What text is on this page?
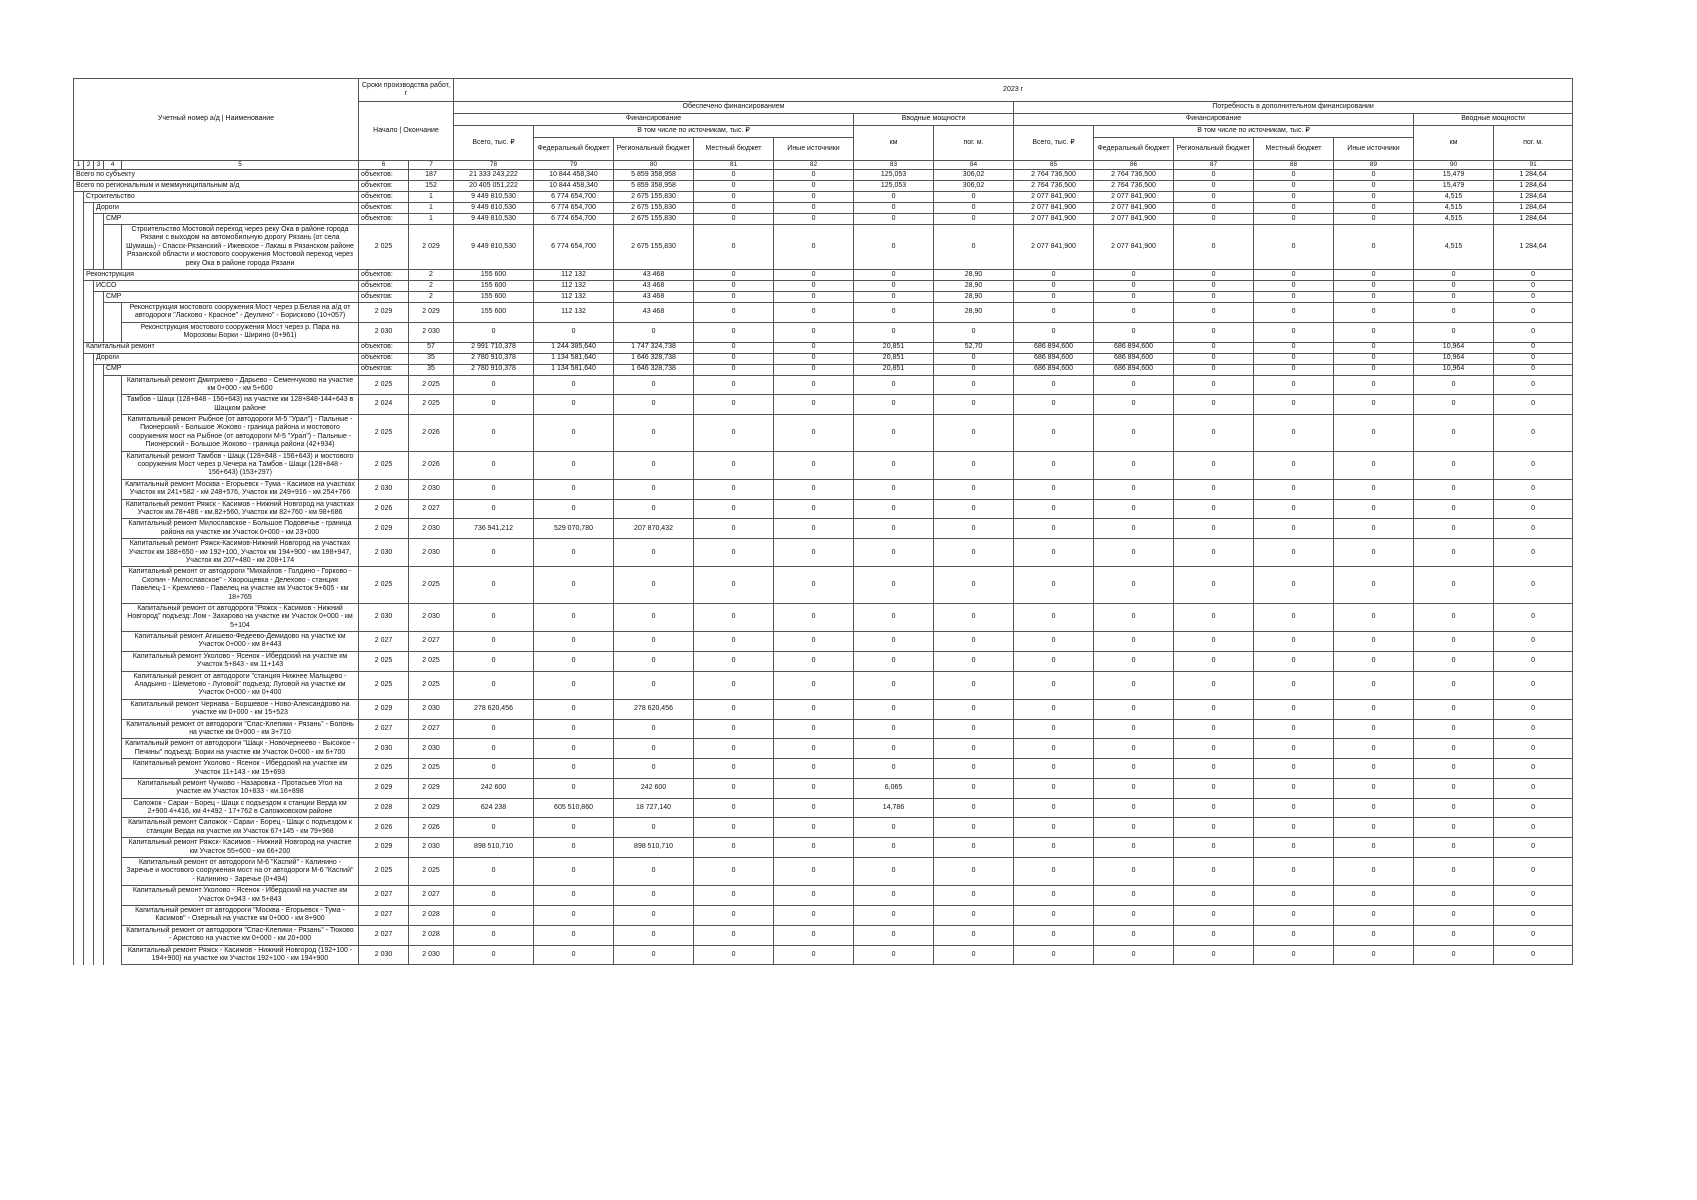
Учетный номер а/д | Наименование					Сроки производства работ, г		2023 г													
					Начало | Окончание		Обеспечено финансированием							Потребность в дополнительном финансировании						
							Финансирование					Вводные мощности		Финансирование					Вводные мощности	
							Всего, тыс. ₽	В том числе по источникам, тыс. ₽				км	пог. м.	Всего, тыс. ₽	В том числе по источникам, тыс. ₽				км	пог. м.
								Федеральный бюджет	Региональный бюджет	Местный бюджет	Иные источники				Федеральный бюджет	Региональный бюджет	Местный бюджет	Иные источники		
1	2	3	4	5	6	7	78	79	80	81	82	83	84	85	86	87	88	89	90	91
Всего по субъекту					объектов:	187	21 333 243,222	10 844 458,340	5 859 358,958	0	0	125,053	306,02	2 764 736,500	2 764 736,500	0	0	0	15,479	1 284,64
Всего по региональным и межмуниципальным а/д					объектов:	152	20 405 051,222	10 844 458,340	5 859 358,958	0	0	125,053	306,02	2 764 736,500	2 764 736,500	0	0	0	15,479	1 284,64
	Строительство				объектов:	1	9 449 810,530	6 774 654,700	2 675 155,830	0	0	0	0	2 077 841,900	2 077 841,900	0	0	0	4,515	1 284,64
		Дороги			объектов:	1	9 449 810,530	6 774 654,700	2 675 155,830	0	0	0	0	2 077 841,900	2 077 841,900	0	0	0	4,515	1 284,64
			СМР		объектов:	1	9 449 810,530	6 774 654,700	2 675 155,830	0	0	0	0	2 077 841,900	2 077 841,900	0	0	0	4,515	1 284,64
				Строительство Мостовой переход через реку Ока в районе города Рязани с выходом на автомобильную дорогу Рязань (от села Шумашь) - Спасск-Рязанский - Ижевское - Лакаш в Рязанском районе Рязанской области и мостового сооружения Мостовой переход через реку Ока в районе города Рязани	2 025	2 029	9 449 810,530	6 774 654,700	2 675 155,830	0	0	0	0	2 077 841,900	2 077 841,900	0	0	0	4,515	1 284,64
	Реконструкция				объектов:	2	155 600	112 132	43 468	0	0	0	28,90	0	0	0	0	0	0	0
		ИССО			объектов:	2	155 600	112 132	43 468	0	0	0	28,90	0	0	0	0	0	0	0
			СМР		объектов:	2	155 600	112 132	43 468	0	0	0	28,90	0	0	0	0	0	0	0
				Реконструкция мостового сооружения Мост через р.Белая на а/д от автодороги "Ласково - Красное" - Деулино" - Борисково (10+057)	2 029	2 029	155 600	112 132	43 468	0	0	0	28,90	0	0	0	0	0	0	0
				Реконструкция мостового сооружения Мост через р. Пара на Морозовы Борки - Ширино (0+961)	2 030	2 030	0	0	0	0	0	0	0	0	0	0	0	0	0	0
	Капитальный ремонт				объектов:	57	2 991 710,378	1 244 385,640	1 747 324,738	0	0	20,851	52,70	686 894,600	686 894,600	0	0	0	10,964	0
		Дороги			объектов:	35	2 780 910,378	1 134 581,640	1 646 328,738	0	0	20,851	0	686 894,600	686 894,600	0	0	0	10,964	0
			СМР		объектов:	35	2 780 910,378	1 134 581,640	1 646 328,738	0	0	20,851	0	686 894,600	686 894,600	0	0	0	10,964	0
				Капитальный ремонт Дмитриево - Дарьево - Семенчуково на участке км 0+000 - км 5+600	2 025	2 025	0	0	0	0	0	0	0	0	0	0	0	0	0	0
				Тамбов - Шацк (128+848 - 156+643) на участке км 128+848-144+643 в Шацком районе	2 024	2 025	0	0	0	0	0	0	0	0	0	0	0	0	0	0
				Капитальный ремонт Рыбное (от автодороги М-5 "Урал") - Пальные - Пионерский - Большое Жоково - граница района и мостового сооружения мост на Рыбное (от автодороги М-5 "Урал") - Пальные - Пионерский - Большое Жоково - граница района (42+934)	2 025	2 026	0	0	0	0	0	0	0	0	0	0	0	0	0	0
				Капитальный ремонт Тамбов - Шацк (128+848 - 156+643) и мостового сооружения Мост через р.Чечера на Тамбов - Шацк (128+848 - 156+643) (153+297)	2 025	2 026	0	0	0	0	0	0	0	0	0	0	0	0	0	0
				Капитальный ремонт Москва - Егорьевск - Тума - Касимов на участках Участок км 241+582 - км 248+576, Участок км 249+916 - км 254+766	2 030	2 030	0	0	0	0	0	0	0	0	0	0	0	0	0	0
				Капитальный ремонт Ряжск - Касимов - Нижний Новгород на участках Участок км.78+486 - км.82+560, Участок км 82+760 - км 98+686	2 026	2 027	0	0	0	0	0	0	0	0	0	0	0	0	0	0
				Капитальный ремонт Милославское - Большое Подовечье - граница района на участке км Участок 0+000 - км 23+000	2 029	2 030	736 941,212	529 070,780	207 870,432	0	0	0	0	0	0	0	0	0	0	0
				Капитальный ремонт Ряжск-Касимов-Нижний Новгород на участках Участок км 188+650 - км 192+100, Участок км 194+900 - км 198+947, Участок км 207+480 - км 208+174	2 030	2 030	0	0	0	0	0	0	0	0	0	0	0	0	0	0
				Капитальный ремонт от автодороги "Михайлов - Голдино - Горково - Скопин - Милославское" - Хворощевка - Делехово - станция Павелец-1 - Кремлево - Павелец на участке км Участок 9+605 - км 18+765	2 025	2 025	0	0	0	0	0	0	0	0	0	0	0	0	0	0
				Капитальный ремонт от автодороги "Ряжск - Касимов - Нижний Новгород" подъезд: Лом - Захарово на участке км Участок 0+000 - км 5+104	2 030	2 030	0	0	0	0	0	0	0	0	0	0	0	0	0	0
				Капитальный ремонт Агишево-Федеево-Демидово на участке км Участок 0+000 - км 8+443	2 027	2 027	0	0	0	0	0	0	0	0	0	0	0	0	0	0
				Капитальный ремонт Уколово - Ясенок - Ибердский на участке км Участок 5+843 - км 11+143	2 025	2 025	0	0	0	0	0	0	0	0	0	0	0	0	0	0
				Капитальный ремонт от автодороги "станция Нижнее Мальцево - Аладьино - Шеметово - Луговой" подъезд: Луговой на участке км Участок 0+000 - км 0+400	2 025	2 025	0	0	0	0	0	0	0	0	0	0	0	0	0	0
				Капитальный ремонт Чернава - Боршевое - Ново-Александрово на участке км 0+000 - км 15+523	2 029	2 030	278 620,456	0	278 620,456	0	0	0	0	0	0	0	0	0	0	0
				Капитальный ремонт от автодороги "Спас-Клепики - Рязань" - Болонь на участке км 0+000 - км 3+710	2 027	2 027	0	0	0	0	0	0	0	0	0	0	0	0	0	0
				Капитальный ремонт от автодороги "Шацк - Новочернеево - Высокое - Печины" подъезд: Борки на участке км Участок 0+000 - км 6+700	2 030	2 030	0	0	0	0	0	0	0	0	0	0	0	0	0	0
				Капитальный ремонт Уколово - Ясенок - Ибердский на участке км Участок 11+143 - км 15+693	2 025	2 025	0	0	0	0	0	0	0	0	0	0	0	0	0	0
				Капитальный ремонт Чучково - Назаровка - Протасьев Угол на участке км Участок 10+833 - км.16+898	2 029	2 029	242 600	0	242 600	0	0	6,065	0	0	0	0	0	0	0	0
				Сапожок - Сараи - Борец - Шацк с подъездом к станции Верда км 2+900 4+416, км 4+492 - 17+762 в Сапожковском районе	2 028	2 029	624 238	605 510,860	18 727,140	0	0	14,786	0	0	0	0	0	0	0	0
				Капитальный ремонт Сапожок - Сараи - Борец - Шацк с подъездом к станции Верда на участке км Участок 67+145 - км 79+968	2 026	2 026	0	0	0	0	0	0	0	0	0	0	0	0	0	0
				Капитальный ремонт Ряжск- Касимов - Нижний Новгород на участке км Участок 55+600 - км 66+200	2 029	2 030	898 510,710	0	898 510,710	0	0	0	0	0	0	0	0	0	0	0
				Капитальный ремонт от автодороги М-6 "Каспий" - Калинино - Заречье и мостового сооружения мост на от автодороги М-6 "Каспий" - Калинино - Заречье (0+494)	2 025	2 025	0	0	0	0	0	0	0	0	0	0	0	0	0	0
				Капитальный ремонт Уколово - Ясенок - Ибердский на участке км Участок 0+943 - км 5+843	2 027	2 027	0	0	0	0	0	0	0	0	0	0	0	0	0	0
				Капитальный ремонт от автодороги "Москва - Егорьевск - Тума - Касимов" - Озерный на участке км 0+000 - км 8+900	2 027	2 028	0	0	0	0	0	0	0	0	0	0	0	0	0	0
				Капитальный ремонт от автодороги "Спас-Клепики - Рязань" - Тюково - Аристово на участке км 0+000 - км 20+000	2 027	2 028	0	0	0	0	0	0	0	0	0	0	0	0	0	0
				Капитальный ремонт Ряжск - Касимов - Нижний Новгород (192+100 - 194+900) на участке км Участок 192+100 - км 194+900	2 030	2 030	0	0	0	0	0	0	0	0	0	0	0	0	0	0
